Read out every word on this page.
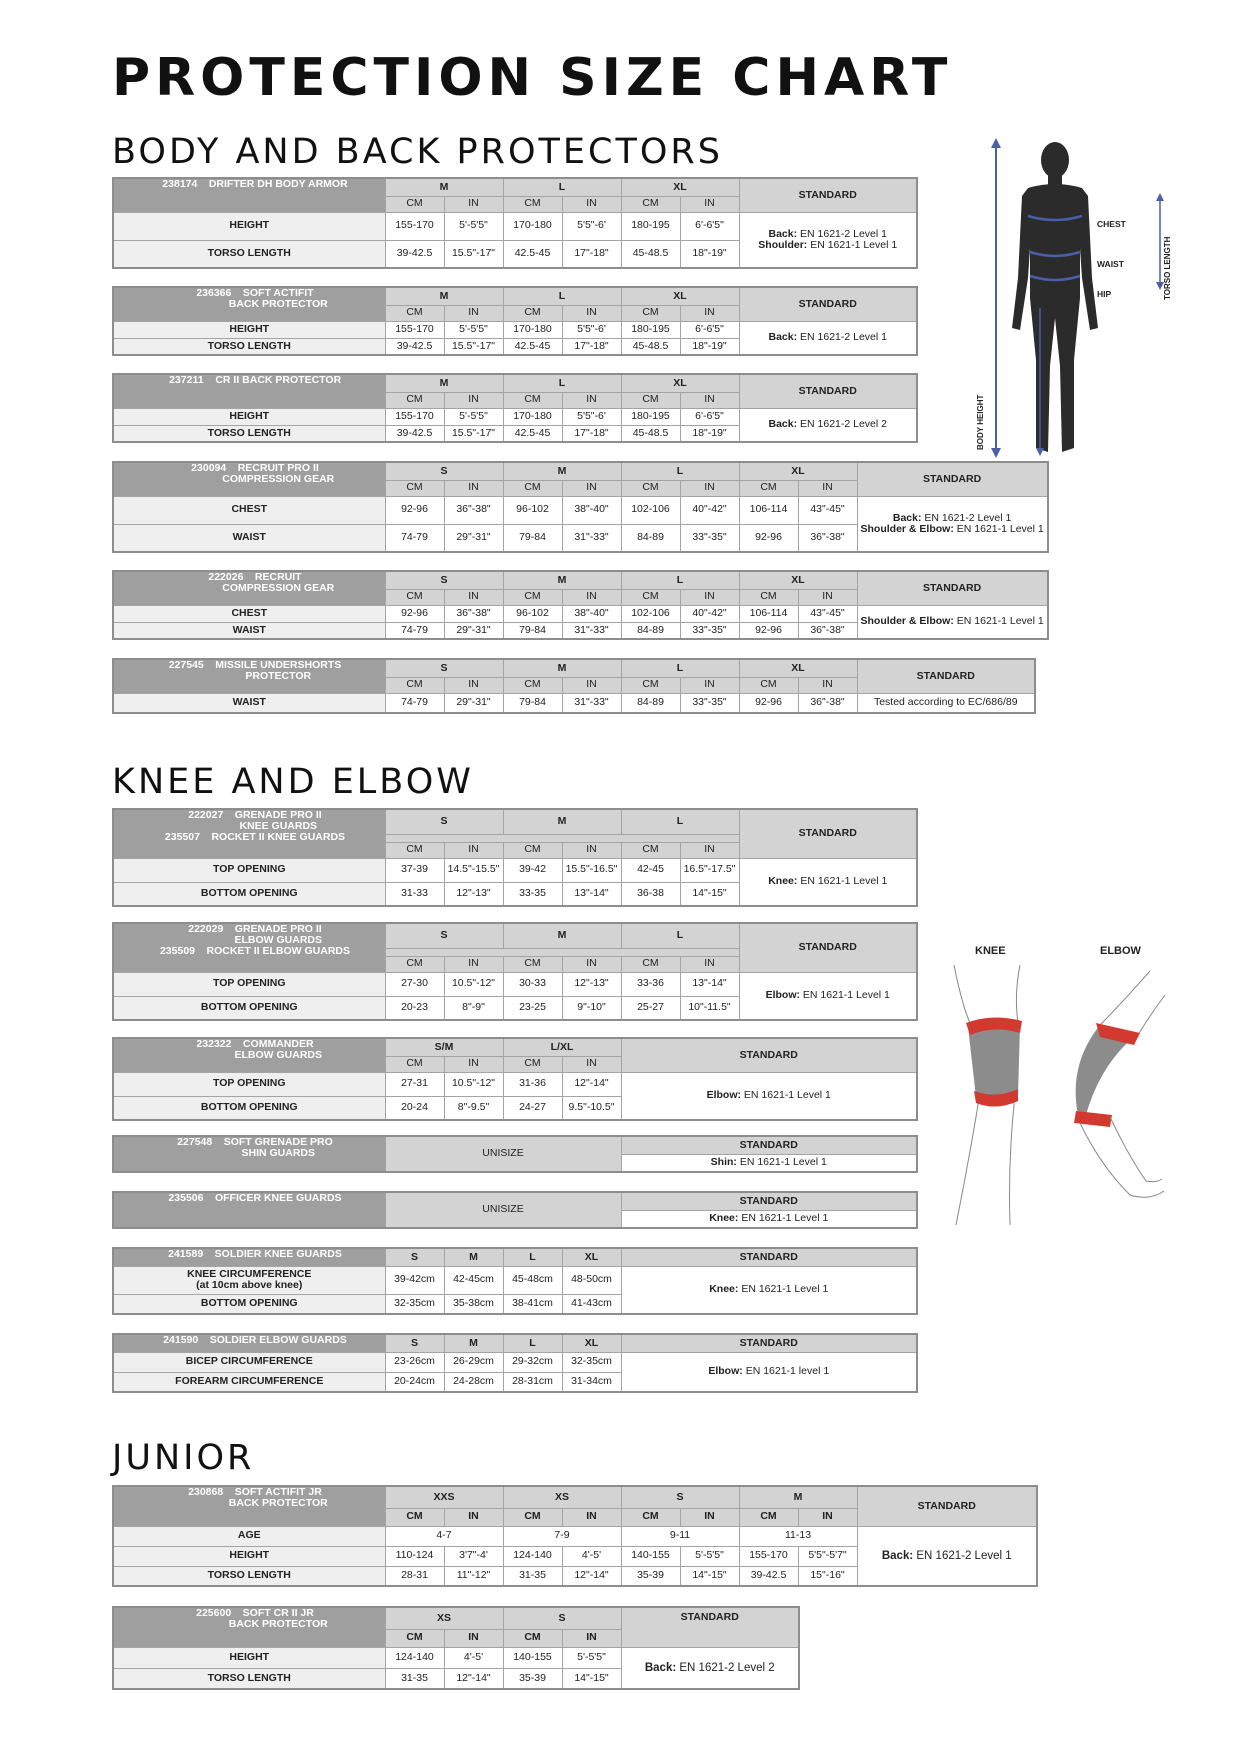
PROTECTION SIZE CHART
BODY AND BACK PROTECTORS
238174 DRIFTER DH BODY ARMOR	M		L		XL		STANDARD
	CM	IN	CM	IN	CM	IN	
HEIGHT	155-170	5'-5'5"	170-180	5'5"-6'	180-195	6'-6'5"	Back: EN 1621-2 Level 1
Shoulder: EN 1621-1 Level 1
TORSO LENGTH	39-42.5	15.5"-17"	42.5-45	17"-18"	45-48.5	18"-19"	
236366 SOFT ACTIFIT
BACK PROTECTOR	M		L		XL		STANDARD
	CM	IN	CM	IN	CM	IN	
HEIGHT	155-170	5'-5'5"	170-180	5'5"-6'	180-195	6'-6'5"	Back: EN 1621-2 Level 1
TORSO LENGTH	39-42.5	15.5"-17"	42.5-45	17"-18"	45-48.5	18"-19"	
237211 CR II BACK PROTECTOR	M		L		XL		STANDARD
	CM	IN	CM	IN	CM	IN	
HEIGHT	155-170	5'-5'5"	170-180	5'5"-6'	180-195	6'-6'5"	Back: EN 1621-2 Level 2
TORSO LENGTH	39-42.5	15.5"-17"	42.5-45	17"-18"	45-48.5	18"-19"	
230094 RECRUIT PRO II
COMPRESSION GEAR	S		M		L		XL		STANDARD
	CM	IN	CM	IN	CM	IN	CM	IN	
CHEST	92-96	36"-38"	96-102	38"-40"	102-106	40"-42"	106-114	43"-45"	Back: EN 1621-2 Level 1
Shoulder & Elbow: EN 1621-1 Level 1
WAIST	74-79	29"-31"	79-84	31"-33"	84-89	33"-35"	92-96	36"-38"	
222026 RECRUIT
COMPRESSION GEAR	S		M		L		XL		STANDARD
	CM	IN	CM	IN	CM	IN	CM	IN	
CHEST	92-96	36"-38"	96-102	38"-40"	102-106	40"-42"	106-114	43"-45"	Shoulder & Elbow: EN 1621-1 Level 1
WAIST	74-79	29"-31"	79-84	31"-33"	84-89	33"-35"	92-96	36"-38"	
227545 MISSILE UNDERSHORTS
PROTECTOR	S		M		L		XL		STANDARD
	CM	IN	CM	IN	CM	IN	CM	IN	
WAIST	74-79	29"-31"	79-84	31"-33"	84-89	33"-35"	92-96	36"-38"	Tested according to EC/686/89
KNEE AND ELBOW
222027 GRENADE PRO II
KNEE GUARDS
235507 ROCKET II KNEE GUARDS	S		M		L		STANDARD

	CM	IN	CM	IN	CM	IN	
TOP OPENING	37-39	14.5"-15.5"	39-42	15.5"-16.5"	42-45	16.5"-17.5"	Knee: EN 1621-1 Level 1
BOTTOM OPENING	31-33	12"-13"	33-35	13"-14"	36-38	14"-15"	
222029 GRENADE PRO II
ELBOW GUARDS
235509 ROCKET II ELBOW GUARDS	S		M		L		STANDARD

	CM	IN	CM	IN	CM	IN	
TOP OPENING	27-30	10.5"-12"	30-33	12"-13"	33-36	13"-14"	Elbow: EN 1621-1 Level 1
BOTTOM OPENING	20-23	8"-9"	23-25	9"-10"	25-27	10"-11.5"	
232322 COMMANDER
ELBOW GUARDS	S/M		L/XL		STANDARD
	CM	IN	CM	IN	
TOP OPENING	27-31	10.5"-12"	31-36	12"-14"	Elbow: EN 1621-1 Level 1
BOTTOM OPENING	20-24	8"-9.5"	24-27	9.5"-10.5"	
227548 SOFT GRENADE PRO
SHIN GUARDS	UNISIZE	STANDARD
Shin: EN 1621-1 Level 1
235506 OFFICER KNEE GUARDS	UNISIZE	STANDARD
Knee: EN 1621-1 Level 1
241589 SOLDIER KNEE GUARDS	S	M	L	XL	STANDARD
KNEE CIRCUMFERENCE
(at 10cm above knee)	39-42cm	42-45cm	45-48cm	48-50cm	Knee: EN 1621-1 Level 1
BOTTOM OPENING	32-35cm	35-38cm	38-41cm	41-43cm	
241590 SOLDIER ELBOW GUARDS	S	M	L	XL	STANDARD
BICEP CIRCUMFERENCE	23-26cm	26-29cm	29-32cm	32-35cm	Elbow: EN 1621-1 level 1
FOREARM CIRCUMFERENCE	20-24cm	24-28cm	28-31cm	31-34cm	
JUNIOR
230868 SOFT ACTIFIT JR
BACK PROTECTOR	XXS		XS		S		M		STANDARD
	CM	IN	CM	IN	CM	IN	CM	IN	
AGE	4-7		7-9		9-11		11-13		Back: EN 1621-2 Level 1
HEIGHT	110-124	3'7"-4'	124-140	4'-5'	140-155	5'-5'5"	155-170	5'5"-5'7"	
TORSO LENGTH	28-31	11"-12"	31-35	12"-14"	35-39	14"-15"	39-42.5	15"-16"	
225600 SOFT CR II JR
BACK PROTECTOR	XS		S		STANDARD
	CM	IN	CM	IN	
HEIGHT	124-140	4'-5'	140-155	5'-5'5"	Back: EN 1621-2 Level 2
TORSO LENGTH	31-35	12"-14"	35-39	14"-15"	
CHEST
WAIST
HIP	TORSO LENGTH
BODY HEIGHT
KNEE	ELBOW
